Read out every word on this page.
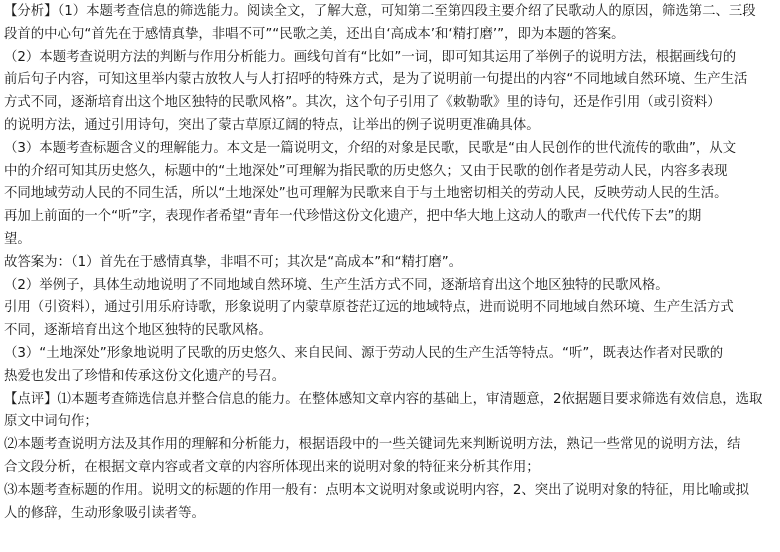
【分析】（1）本题考查信息的筛选能力。阅读全文，了解大意，可知第二至第四段主要介绍了民歌动人的原因，筛选第二、三段
段首的中心句“首先在于感情真挚，非唱不可”“民歌之美，还出自‘高成本’和‘精打磨’”，即为本题的答案。
（2）本题考查说明方法的判断与作用分析能力。画线句首有“比如”一词，即可知其运用了举例子的说明方法，根据画线句的
前后句子内容，可知这里举内蒙古放牧人与人打招呼的特殊方式，是为了说明前一句提出的内容“不同地域自然环境、生产生活
方式不同，逐渐培育出这个地区独特的民歌风格”。其次，这个句子引用了《敕勒歌》里的诗句，还是作引用（或引资料）
的说明方法，通过引用诗句，突出了蒙古草原辽阔的特点，让举出的例子说明更准确具体。
（3）本题考查标题含义的理解能力。本文是一篇说明文，介绍的对象是民歌，民歌是“由人民创作的世代流传的歌曲”，从文
中的介绍可知其历史悠久，标题中的“土地深处”可理解为指民歌的历史悠久；又由于民歌的创作者是劳动人民，内容多表现
不同地域劳动人民的不同生活，所以“土地深处”也可理解为民歌来自于与土地密切相关的劳动人民，反映劳动人民的生活。
再加上前面的一个“听”字，表现作者希望“青年一代珍惜这份文化遗产，把中华大地上这动人的歌声一代代传下去”的期
望。
故答案为：（1）首先在于感情真挚，非唱不可；其次是“高成本”和“精打磨”。
（2）举例子，具体生动地说明了不同地域自然环境、生产生活方式不同，逐渐培育出这个地区独特的民歌风格。
引用（引资料），通过引用乐府诗歌，形象说明了内蒙草原苍茫辽远的地域特点，进而说明不同地域自然环境、生产生活方式
不同，逐渐培育出这个地区独特的民歌风格。
（3）“土地深处”形象地说明了民歌的历史悠久、来自民间、源于劳动人民的生产生活等特点。“听”，既表达作者对民歌的
热爱也发出了珍惜和传承这份文化遗产的号召。
【点评】⑴本题考查筛选信息并整合信息的能力。在整体感知文章内容的基础上，审清题意，2依据题目要求筛选有效信息，选取
原文中词句作；
⑵本题考查说明方法及其作用的理解和分析能力，根据语段中的一些关键词先来判断说明方法，熟记一些常见的说明方法，结
合文段分析，在根据文章内容或者文章的内容所体现出来的说明对象的特征来分析其作用；
⑶本题考查标题的作用。说明文的标题的作用一般有：点明本文说明对象或说明内容，2、突出了说明对象的特征，用比喻或拟
人的修辞，生动形象吸引读者等。
